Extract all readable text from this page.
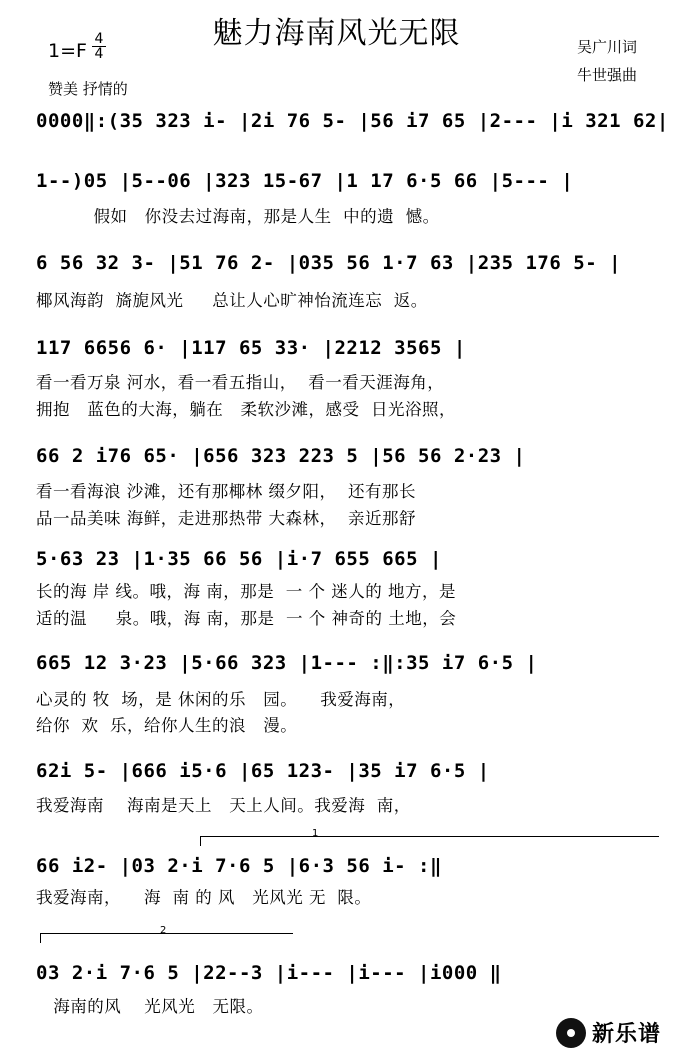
魅力海南风光无限
1=F
4
4	吴广川词
牛世强曲
赞美 抒情的
0000‖:(35 323 i- |2i 76 5- |56 i7 65 |2--- |i 321 62|
1--)05 |5--06 |323 15-67 |1 17 6·5 66 |5--- |
假如   你没去过海南，那是人生  中的遗  憾。
6 56 32 3- |51 76 2- |035 56 1·7 63 |235 176 5- |
椰风海韵  旖旎风光     总让人心旷神怡流连忘  返。
117 6656 6· |117 65 33· |2212 3565 |
看一看万泉 河水，看一看五指山，  看一看天涯海角，
拥抱   蓝色的大海，躺在   柔软沙滩，感受  日光浴照，
66 2 i76 65· |656 323 223 5 |56 56 2·23 |
看一看海浪 沙滩，还有那椰林 缀夕阳，  还有那长
品一品美味 海鲜，走进那热带 大森林，  亲近那舒
5·63 23 |1·35 66 56 |i·7 655 665 |
长的海 岸 线。哦，海 南，那是  一 个 迷人的 地方，是
适的温     泉。哦，海 南，那是  一 个 神奇的 土地，会
665 12 3·23 |5·66 323 |1--- :‖:35 i7 6·5 |
心灵的 牧  场，是 休闲的乐   园。    我爱海南，
给你  欢  乐，给你人生的浪   漫。
62i 5- |666 i5·6 |65 123- |35 i7 6·5 |
我爱海南    海南是天上   天上人间。我爱海  南，
1
66 i2- |03 2·i 7·6 5 |6·3 56 i- :‖
我爱海南，    海  南 的 风   光风光 无  限。
2
03 2·i 7·6 5 |22--3 |i--- |i--- |i000 ‖
海南的风    光风光   无限。
新乐谱
